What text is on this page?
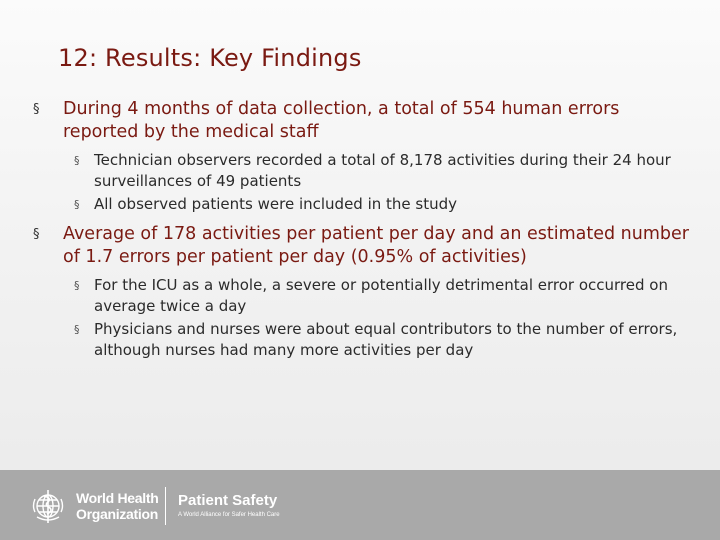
12: Results: Key Findings

§ During 4 months of data collection, a total of 554 human errors reported by the medical staff

§ Technician observers recorded a total of 8,178 activities during their 24 hour surveillances of 49 patients

§ All observed patients were included in the study

§ Average of 178 activities per patient per day and an estimated number of 1.7 errors per patient per day (0.95% of activities)

§ For the ICU as a whole, a severe or potentially detrimental error occurred on average twice a day

§ Physicians and nurses were about equal contributors to the number of errors, although nurses had many more activities per day

World Health
Organization
Patient Safety
A World Alliance for Safer Health Care
